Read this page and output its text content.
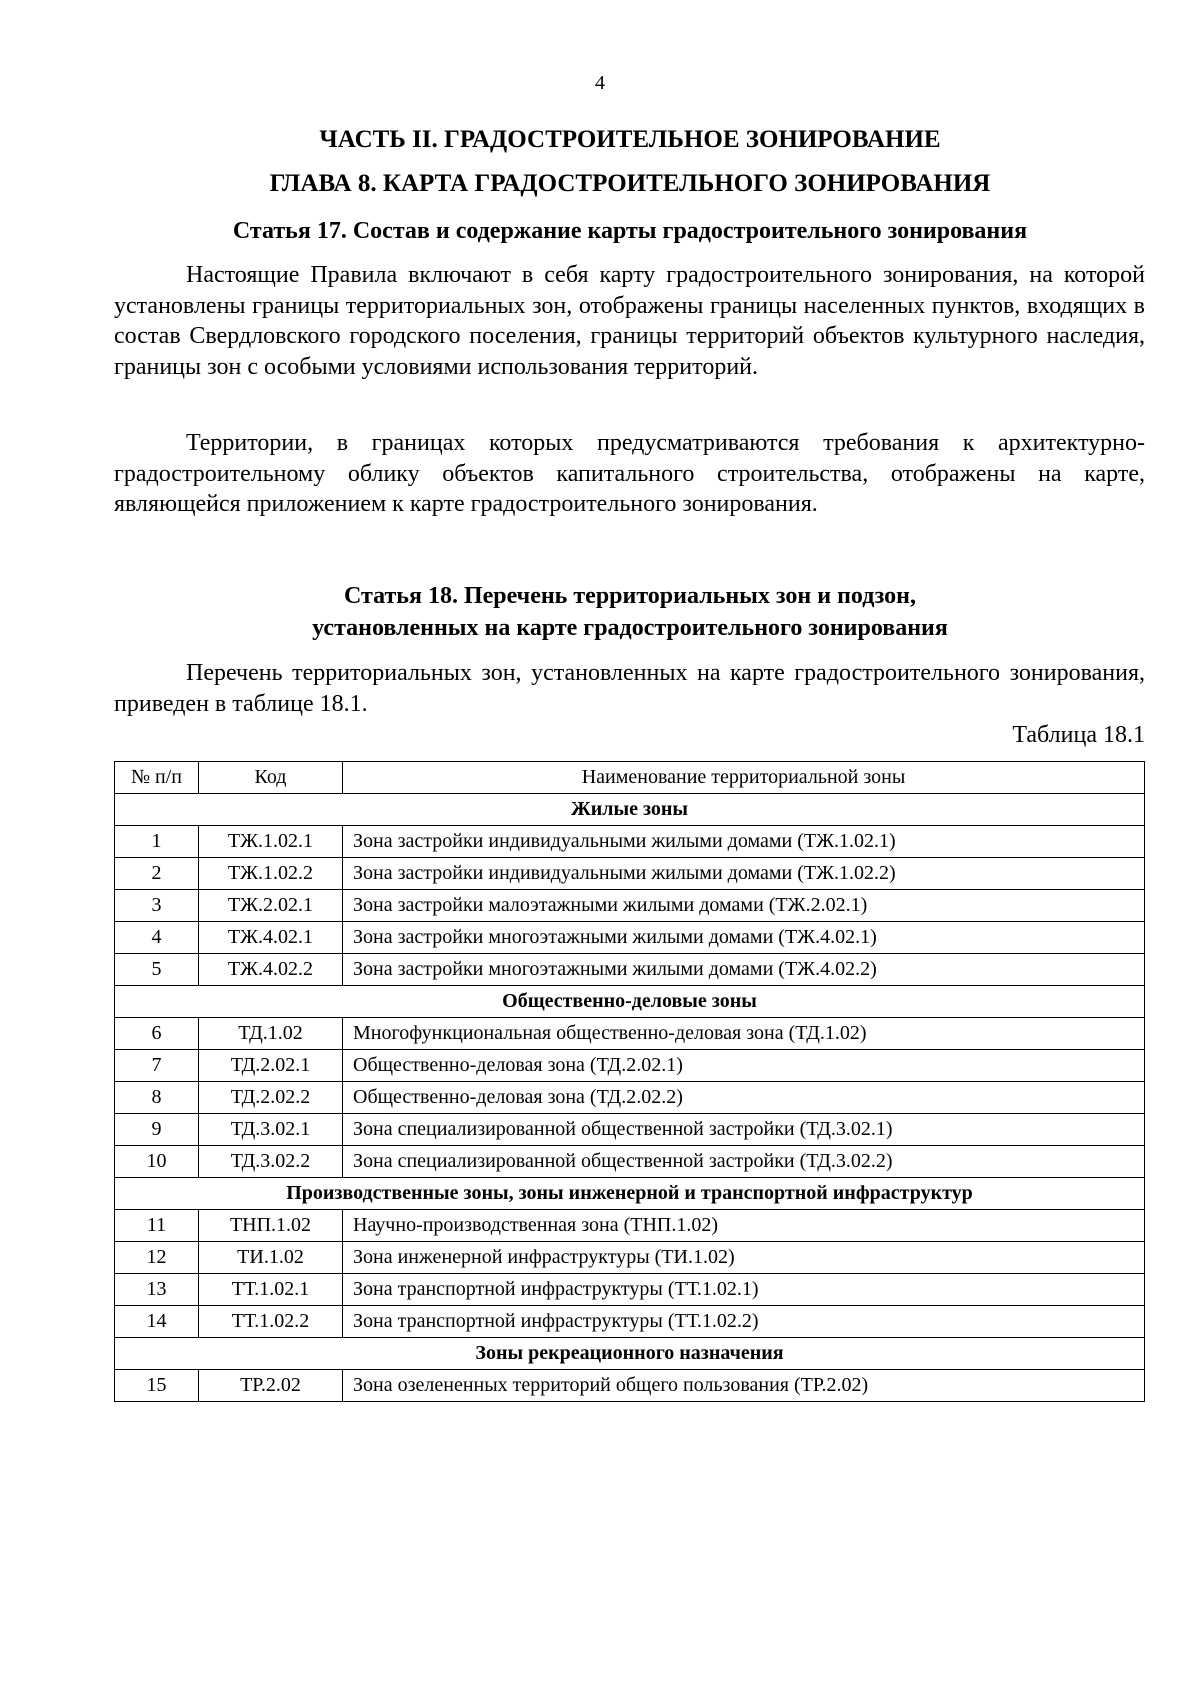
4
ЧАСТЬ II. ГРАДОСТРОИТЕЛЬНОЕ ЗОНИРОВАНИЕ
ГЛАВА 8. КАРТА ГРАДОСТРОИТЕЛЬНОГО ЗОНИРОВАНИЯ
Статья 17. Состав и содержание карты градостроительного зонирования

Настоящие Правила включают в себя карту градостроительного зонирования, на которой установлены границы территориальных зон, отображены границы населенных пунктов, входящих в состав Свердловского городского поселения, границы территорий объектов культурного наследия, границы зон с особыми условиями использования территорий.

Территории, в границах которых предусматриваются требования к архитектурно-градостроительному облику объектов капитального строительства, отображены на карте, являющейся приложением к карте градостроительного зонирования.

Статья 18. Перечень территориальных зон и подзон,
установленных на карте градостроительного зонирования

Перечень территориальных зон, установленных на карте градостроительного зонирования, приведен в таблице 18.1.

Таблица 18.1
№ п/п	Код	Наименование территориальной зоны
Жилые зоны		
1	ТЖ.1.02.1	Зона застройки индивидуальными жилыми домами (ТЖ.1.02.1)
2	ТЖ.1.02.2	Зона застройки индивидуальными жилыми домами (ТЖ.1.02.2)
3	ТЖ.2.02.1	Зона застройки малоэтажными жилыми домами (ТЖ.2.02.1)
4	ТЖ.4.02.1	Зона застройки многоэтажными жилыми домами (ТЖ.4.02.1)
5	ТЖ.4.02.2	Зона застройки многоэтажными жилыми домами (ТЖ.4.02.2)
Общественно-деловые зоны		
6	ТД.1.02	Многофункциональная общественно-деловая зона (ТД.1.02)
7	ТД.2.02.1	Общественно-деловая зона (ТД.2.02.1)
8	ТД.2.02.2	Общественно-деловая зона (ТД.2.02.2)
9	ТД.3.02.1	Зона специализированной общественной застройки (ТД.3.02.1)
10	ТД.3.02.2	Зона специализированной общественной застройки (ТД.3.02.2)
Производственные зоны, зоны инженерной и транспортной инфраструктур		
11	ТНП.1.02	Научно-производственная зона (ТНП.1.02)
12	ТИ.1.02	Зона инженерной инфраструктуры (ТИ.1.02)
13	ТТ.1.02.1	Зона транспортной инфраструктуры (ТТ.1.02.1)
14	ТТ.1.02.2	Зона транспортной инфраструктуры (ТТ.1.02.2)
Зоны рекреационного назначения		
15	ТР.2.02	Зона озелененных территорий общего пользования (ТР.2.02)
